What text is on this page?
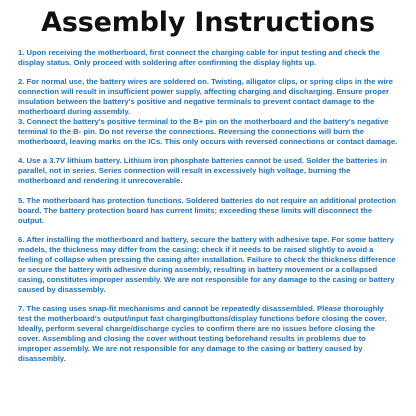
Assembly Instructions

1. Upon receiving the motherboard, first connect the charging cable for input testing and check the display status. Only proceed with soldering after confirming the display lights up.

2. For normal use, the battery wires are soldered on. Twisting, alligator clips, or spring clips in the wire connection will result in insufficient power supply, affecting charging and discharging. Ensure proper insulation between the battery's positive and negative terminals to prevent contact damage to the motherboard during assembly.

3. Connect the battery's positive terminal to the B+ pin on the motherboard and the battery's negative terminal to the B- pin. Do not reverse the connections. Reversing the connections will burn the motherboard, leaving marks on the ICs. This only occurs with reversed connections or contact damage.

4. Use a 3.7V lithium battery. Lithium iron phosphate batteries cannot be used. Solder the batteries in parallel, not in series. Series connection will result in excessively high voltage, burning the motherboard and rendering it unrecoverable.

5. The motherboard has protection functions. Soldered batteries do not require an additional protection board. The battery protection board has current limits; exceeding these limits will disconnect the output.

6. After installing the motherboard and battery, secure the battery with adhesive tape. For some battery models, the thickness may differ from the casing; check if it needs to be raised slightly to avoid a feeling of collapse when pressing the casing after installation. Failure to check the thickness difference or secure the battery with adhesive during assembly, resulting in battery movement or a collapsed casing, constitutes improper assembly. We are not responsible for any damage to the casing or battery caused by disassembly.

7. The casing uses snap-fit mechanisms and cannot be repeatedly disassembled. Please thoroughly test the motherboard's output/input fast charging/buttons/display functions before closing the cover. Ideally, perform several charge/discharge cycles to confirm there are no issues before closing the cover. Assembling and closing the cover without testing beforehand results in problems due to improper assembly. We are not responsible for any damage to the casing or battery caused by disassembly.
